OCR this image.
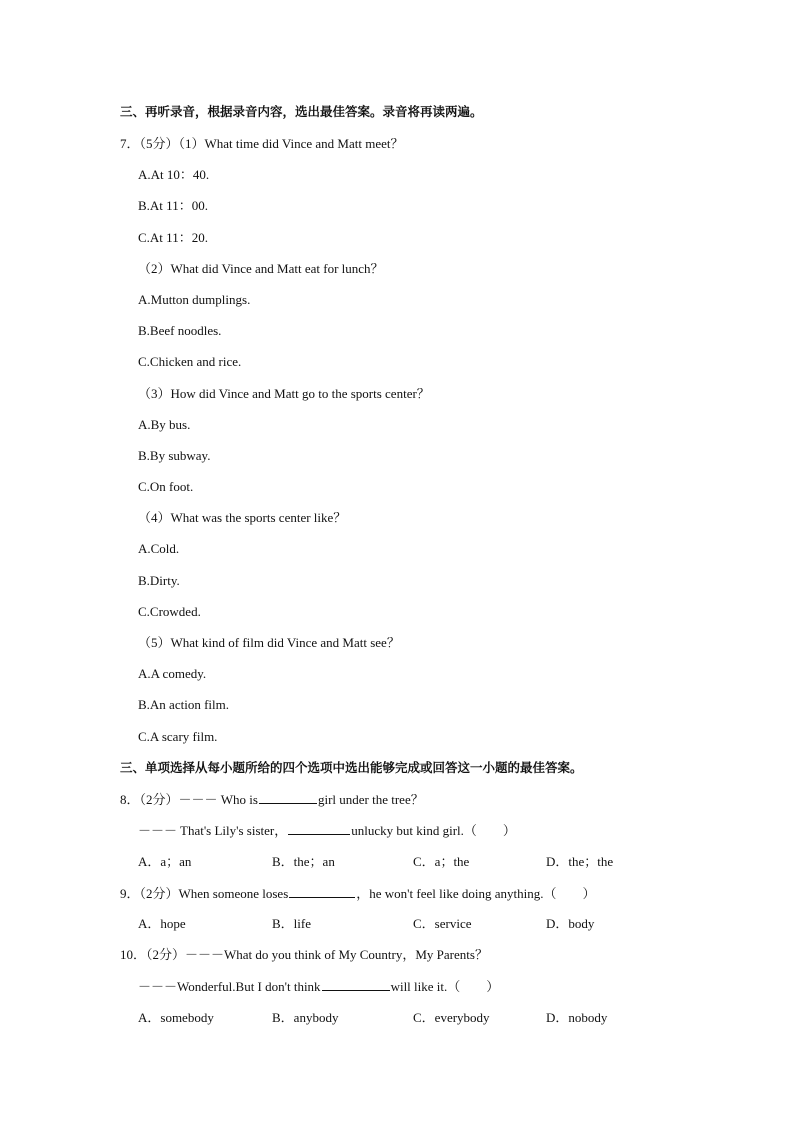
三、再听录音，根据录音内容，选出最佳答案。录音将再读两遍。
7．（5分）（1）What time did Vince and Matt meet？
A.At 10：40.
B.At 11：00.
C.At 11：20.
（2）What did Vince and Matt eat for lunch？
A.Mutton dumplings.
B.Beef noodles.
C.Chicken and rice.
（3）How did Vince and Matt go to the sports center？
A.By bus.
B.By subway.
C.On foot.
（4）What was the sports center like？
A.Cold.
B.Dirty.
C.Crowded.
（5）What kind of film did Vince and Matt see？
A.A comedy.
B.An action film.
C.A scary film.
三、单项选择从每小题所给的四个选项中选出能够完成或回答这一小题的最佳答案。
8．（2分）－－－ Who is	girl under the tree？
－－－ That's Lily's sister，	unlucky but kind girl.（　　）
A．a；an	B．the；an	C．a；the	D．the；the
9．（2分）When someone loses	，he won't feel like doing anything.（　　）
A．hope	B．life	C．service	D．body
10．（2分）－－－What do you think of My Country，My Parents？
－－－Wonderful.But I don't think	will like it.（　　）
A．somebody	B．anybody	C．everybody	D．nobody
